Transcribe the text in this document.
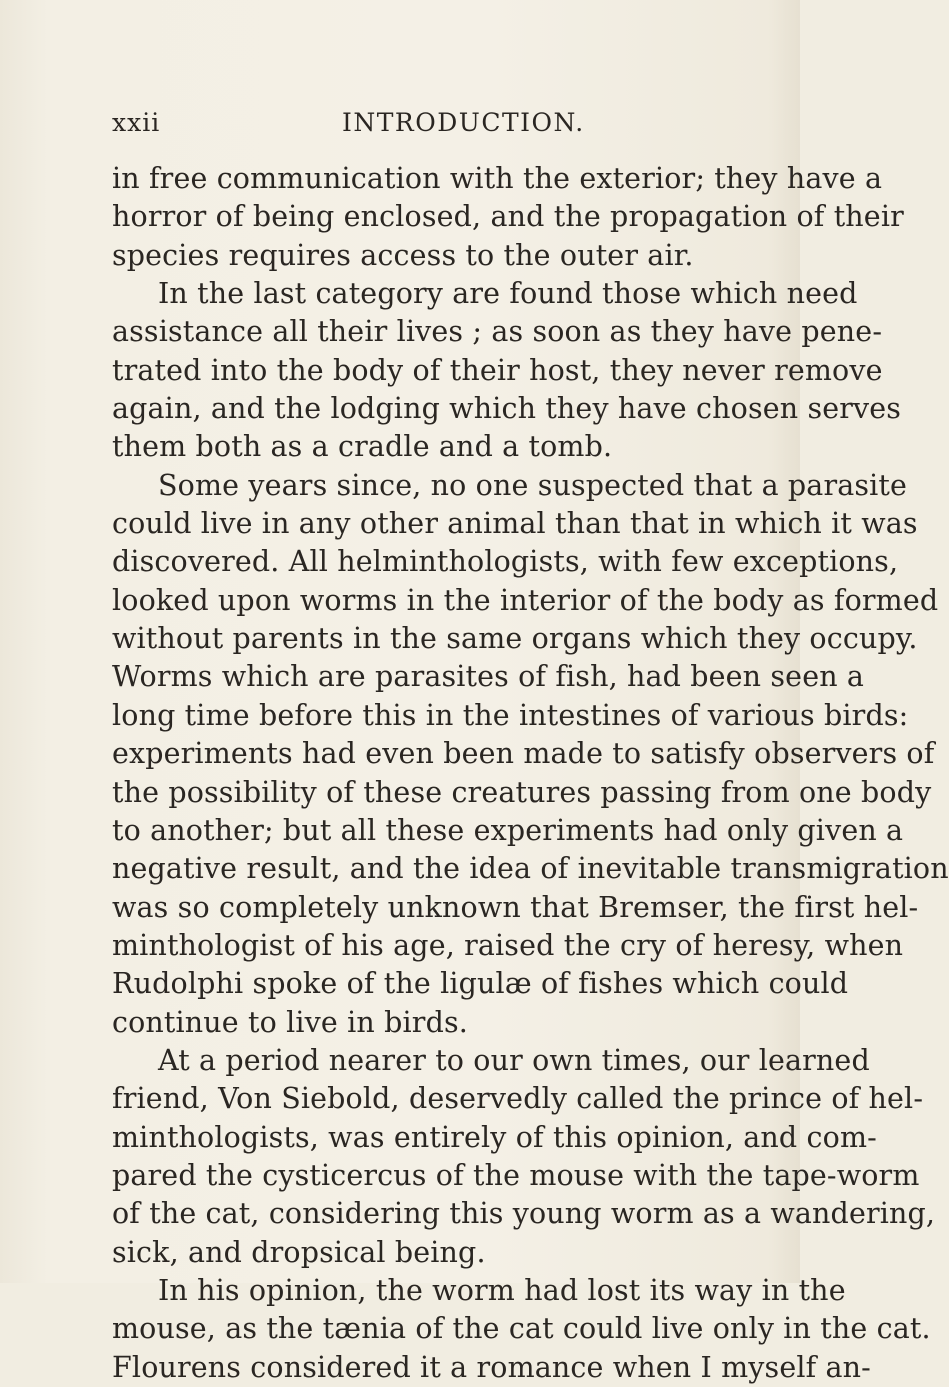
xxii	INTRODUCTION.
in free communication with the exterior; they have a
horror of being enclosed, and the propagation of their
species requires access to the outer air.
In the last category are found those which need
assistance all their lives ; as soon as they have pene-
trated into the body of their host, they never remove
again, and the lodging which they have chosen serves
them both as a cradle and a tomb.
Some years since, no one suspected that a parasite
could live in any other animal than that in which it was
discovered. All helminthologists, with few exceptions,
looked upon worms in the interior of the body as formed
without parents in the same organs which they occupy.
Worms which are parasites of fish, had been seen a
long time before this in the intestines of various birds:
experiments had even been made to satisfy observers of
the possibility of these creatures passing from one body
to another; but all these experiments had only given a
negative result, and the idea of inevitable transmigration
was so completely unknown that Bremser, the first hel-
minthologist of his age, raised the cry of heresy, when
Rudolphi spoke of the ligulæ of fishes which could
continue to live in birds.
At a period nearer to our own times, our learned
friend, Von Siebold, deservedly called the prince of hel-
minthologists, was entirely of this opinion, and com-
pared the cysticercus of the mouse with the tape-worm
of the cat, considering this young worm as a wandering,
sick, and dropsical being.
In his opinion, the worm had lost its way in the
mouse, as the tænia of the cat could live only in the cat.
Flourens considered it a romance when I myself an-
